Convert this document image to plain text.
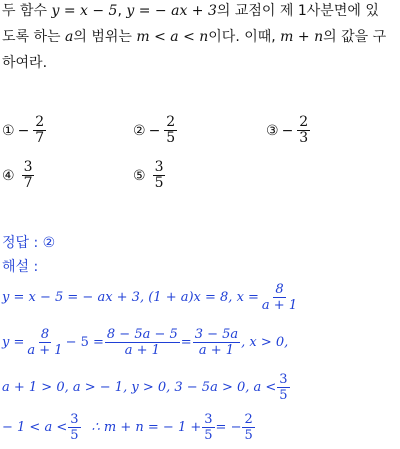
두 함수 y = x − 5, y = − ax + 3의 교점이 제 1사분면에 있
도록 하는 a의 범위는 m < a < n이다. 이때, m + n의 값을 구
하여라.
① − $\frac{2}{7}$	② − $\frac{2}{5}$	③ − $\frac{2}{3}$
④ $\frac{3}{7}$	⑤ $\frac{3}{5}$
정답 : ②
해설 :
y = x − 5 = − ax + 3, (1 + a)x = 8, $x = \frac{8}{a + 1}$
$y = \frac{8}{a + 1} - 5 = \frac{8 - 5a - 5}{a + 1} = \frac{3 - 5a}{a + 1}$ , x > 0,
a + 1 > 0, a > − 1, y > 0, 3 − 5a > 0, $a < \frac{3}{5}$
− $1 < a < \frac{3}{5}$ ∴ m + n = − $1 + \frac{3}{5}$ = − $\frac{2}{5}$
